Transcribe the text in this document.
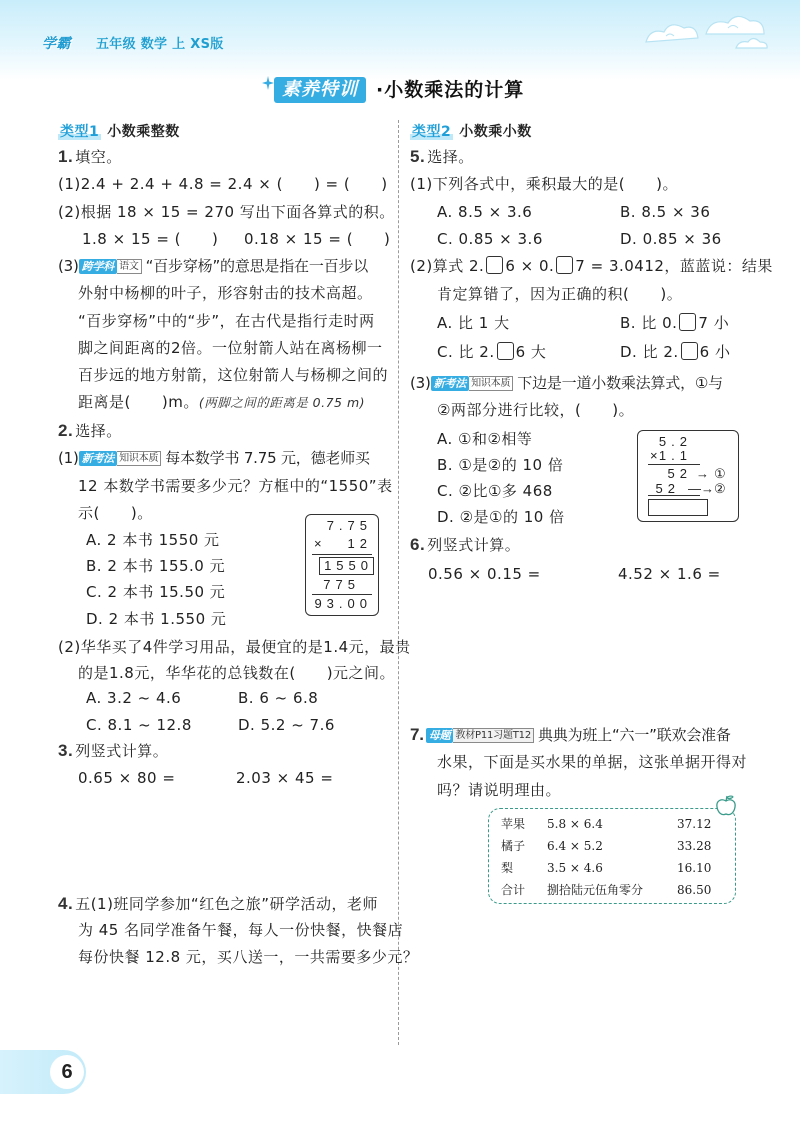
学霸 五年级 数学 上 XS版
素养特训 ·小数乘法的计算
类型1 小数乘整数
1. 填空。
(1)2.4 + 2.4 + 4.8 = 2.4 × (　　) = (　　)
(2)根据 18 × 15 = 270 写出下面各算式的积。
1.8 × 15 = (　　) 0.18 × 15 = (　　)
(3) 跨学科 语文 “百步穿杨”的意思是指在一百步以
外射中杨柳的叶子，形容射击的技术高超。
“百步穿杨”中的“步”，在古代是指行走时两
脚之间距离的2倍。一位射箭人站在离杨柳一
百步远的地方射箭，这位射箭人与杨柳之间的
距离是(　　)m。(两脚之间的距离是 0.75 m)
2. 选择。
(1) 新考法 知识本质 每本数学书 7.75 元，德老师买
12 本数学书需要多少元？方框中的“1550”表
示(　　)。
A. 2 本书 1550 元
B. 2 本书 155.0 元
C. 2 本书 15.50 元
D. 2 本书 1.550 元
7.75
× 12
1550
775
93.00
(2)华华买了4件学习用品，最便宜的是1.4元，最贵
的是1.8元，华华花的总钱数在(　　)元之间。
A. 3.2 ~ 4.6	B. 6 ~ 6.8
C. 8.1 ~ 12.8	D. 5.2 ~ 7.6
3. 列竖式计算。
0.65 × 80 =	2.03 × 45 =
4. 五(1)班同学参加“红色之旅”研学活动，老师
为 45 名同学准备午餐，每人一份快餐，快餐店
每份快餐 12.8 元，买八送一，一共需要多少元？
类型2 小数乘小数
5. 选择。
(1)下列各式中，乘积最大的是(　　)。
A. 8.5 × 3.6	B. 8.5 × 36
C. 0.85 × 3.6	D. 0.85 × 36
(2)算式 2. 6 × 0. 7 = 3.0412，蓝蓝说：结果
肯定算错了，因为正确的积(　　)。
A. 比 1 大	B. 比 0. 7 小
C. 比 2. 6 大	D. 比 2. 6 小
(3) 新考法 知识本质 下边是一道小数乘法算式，①与
②两部分进行比较，(　　)。
A. ①和②相等
B. ①是②的 10 倍
C. ②比①多 468
D. ②是①的 10 倍
5.2
×
1.1
52 → ①
52 —→ ②
6. 列竖式计算。
0.56 × 0.15 =	4.52 × 1.6 =
7. 母题 教材P11习题T12 典典为班上“六一”联欢会准备
水果，下面是买水果的单据，这张单据开得对
吗？请说明理由。
苹果 5.8 × 6.4	37.12
橘子 6.4 × 5.2	33.28
梨	3.5 × 4.6	16.10
合计 捌拾陆元伍角零分	86.50
6
